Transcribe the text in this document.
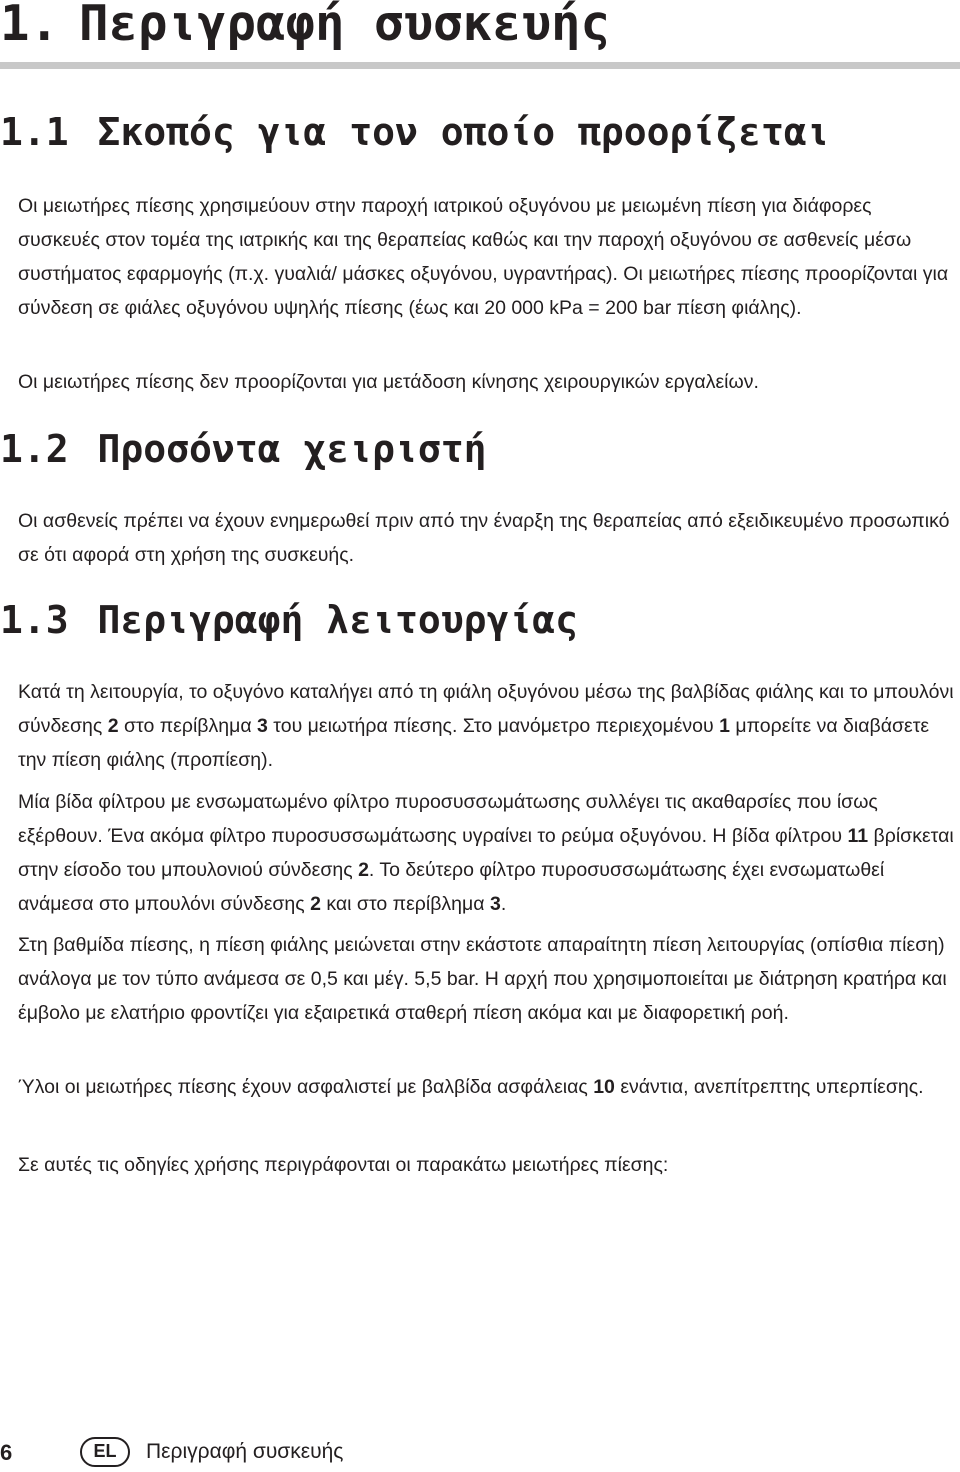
1. Περιγραφή συσκευής
1.1 Σκοπός για τον οποίο προορίζεται

Οι μειωτήρες πίεσης χρησιμεύουν στην παροχή ιατρικού οξυγόνου με μειωμένη πίεση για διάφορες συσκευές στον τομέα της ιατρικής και της θεραπείας καθώς και την παροχή οξυγόνου σε ασθενείς μέσω συστήματος εφαρμογής (π.χ. γυαλιά/ μάσκες οξυγόνου, υγραντήρας). Οι μειωτήρες πίεσης προορίζονται για σύνδεση σε φιάλες οξυγόνου υψηλής πίεσης (έως και 20 000 kPa = 200 bar πίεση φιάλης).

Οι μειωτήρες πίεσης δεν προορίζονται για μετάδοση κίνησης χειρουργικών εργαλείων.

1.2 Προσόντα χειριστή

Οι ασθενείς πρέπει να έχουν ενημερωθεί πριν από την έναρξη της θεραπείας από εξειδικευμένο προσωπικό σε ότι αφορά στη χρήση της συσκευής.

1.3 Περιγραφή λειτουργίας

Κατά τη λειτουργία, το οξυγόνο καταλήγει από τη φιάλη οξυγόνου μέσω της βαλβίδας φιάλης και το μπουλόνι σύνδεσης 2 στο περίβλημα 3 του μειωτήρα πίεσης. Στο μανόμετρο περιεχομένου 1 μπορείτε να διαβάσετε την πίεση φιάλης (προπίεση).

Μία βίδα φίλτρου με ενσωματωμένο φίλτρο πυροσυσσωμάτωσης συλλέγει τις ακαθαρσίες που ίσως εξέρθουν. Ένα ακόμα φίλτρο πυροσυσσωμάτωσης υγραίνει το ρεύμα οξυγόνου. Η βίδα φίλτρου 11 βρίσκεται στην είσοδο του μπουλονιού σύνδεσης 2. Το δεύτερο φίλτρο πυροσυσσωμάτωσης έχει ενσωματωθεί ανάμεσα στο μπουλόνι σύνδεσης 2 και στο περίβλημα 3.

Στη βαθμίδα πίεσης, η πίεση φιάλης μειώνεται στην εκάστοτε απαραίτητη πίεση λειτουργίας (οπίσθια πίεση) ανάλογα με τον τύπο ανάμεσα σε 0,5 και μέγ. 5,5 bar. Η αρχή που χρησιμοποιείται με διάτρηση κρατήρα και έμβολο με ελατήριο φροντίζει για εξαιρετικά σταθερή πίεση ακόμα και με διαφορετική ροή.

Ύλοι οι μειωτήρες πίεσης έχουν ασφαλιστεί με βαλβίδα ασφάλειας 10 ενάντια, ανεπίτρεπτης υπερπίεσης.

Σε αυτές τις οδηγίες χρήσης περιγράφονται οι παρακάτω μειωτήρες πίεσης:

6	EL	Περιγραφή συσκευής
